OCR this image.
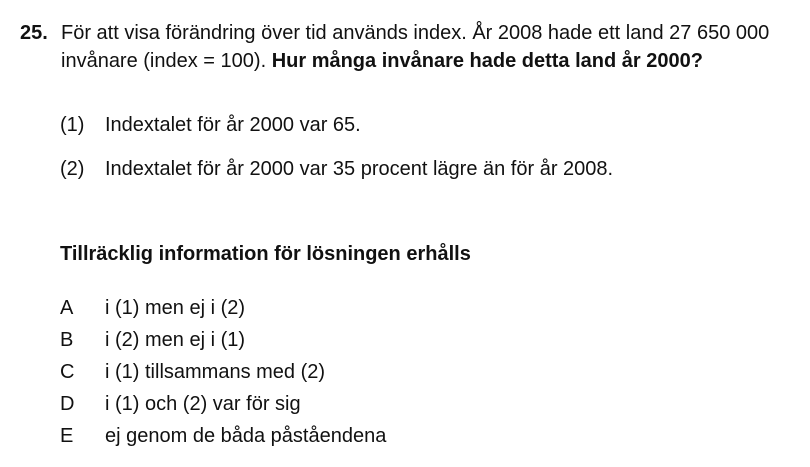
25. För att visa förändring över tid används index. År 2008 hade ett land 27 650 000
invånare (index = 100). Hur många invånare hade detta land år 2000?
(1) Indextalet för år 2000 var 65.
(2) Indextalet för år 2000 var 35 procent lägre än för år 2008.
Tillräcklig information för lösningen erhålls
A i (1) men ej i (2)
B i (2) men ej i (1)
C i (1) tillsammans med (2)
D i (1) och (2) var för sig
E ej genom de båda påståendena
